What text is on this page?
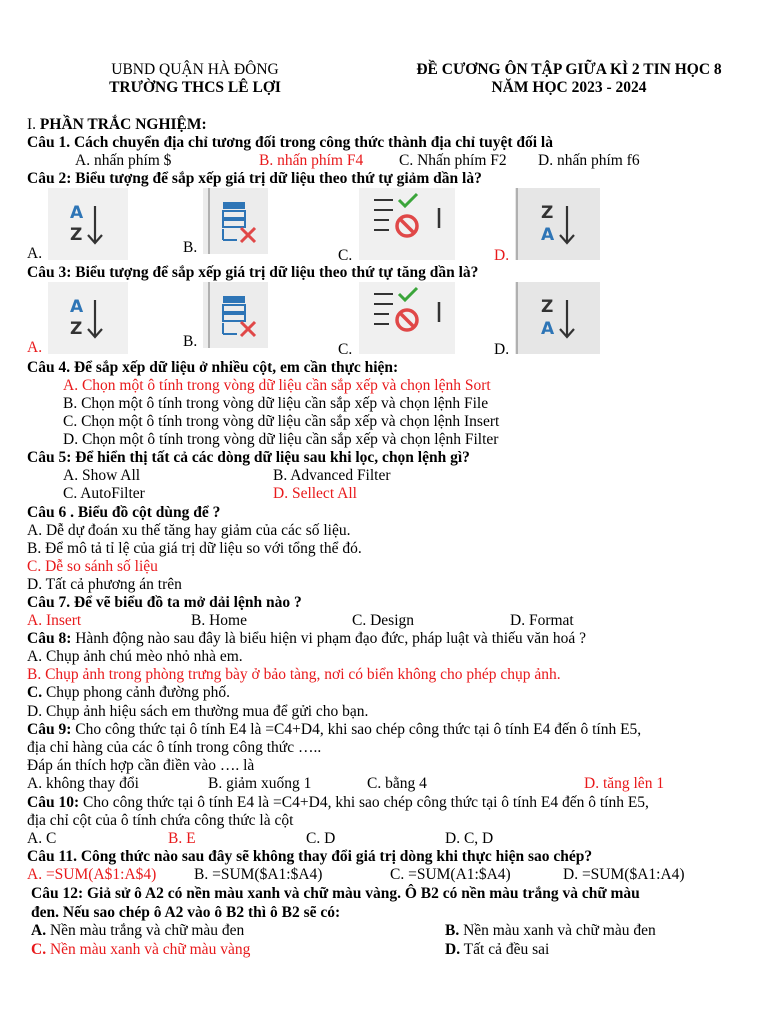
UBND QUẬN HÀ ĐÔNG
TRƯỜNG THCS LÊ LỢI
ĐỀ CƯƠNG ÔN TẬP GIỮA KÌ 2 TIN HỌC 8
NĂM HỌC 2023 - 2024
I. PHẦN TRẮC NGHIỆM:
Câu 1. Cách chuyển địa chỉ tương đối trong công thức thành địa chỉ tuyệt đối là
A. nhấn phím $	B. nhấn phím F4 C. Nhấn phím F2 D. nhấn phím f6
Câu 2: Biểu tượng để sắp xếp giá trị dữ liệu theo thứ tự giảm dần là?
A.	B.	C.	D.
A
Z
Z
A
Câu 3: Biểu tượng để sắp xếp giá trị dữ liệu theo thứ tự tăng dần là?
A.	B.	C.	D.
A
Z
Z
A
Câu 4. Để sắp xếp dữ liệu ở nhiều cột, em cần thực hiện:
A. Chọn một ô tính trong vòng dữ liệu cần sắp xếp và chọn lệnh Sort
B. Chọn một ô tính trong vòng dữ liệu cần sắp xếp và chọn lệnh File
C. Chọn một ô tính trong vòng dữ liệu cần sắp xếp và chọn lệnh Insert
D. Chọn một ô tính trong vòng dữ liệu cần sắp xếp và chọn lệnh Filter
Câu 5: Để hiển thị tất cả các dòng dữ liệu sau khi lọc, chọn lệnh gì?
A. Show All	B. Advanced Filter
C. AutoFilter	D. Sellect All
Câu 6 . Biểu đồ cột dùng để ?
A. Dễ dự đoán xu thế tăng hay giảm của các số liệu.
B. Để mô tả tỉ lệ của giá trị dữ liệu so với tổng thể đó.
C. Dễ so sánh số liệu
D. Tất cả phương án trên
Câu 7. Để vẽ biểu đồ ta mở dải lệnh nào ?
A. Insert	B. Home	C. Design	D. Format
Câu 8: Hành động nào sau đây là biểu hiện vi phạm đạo đức, pháp luật và thiếu văn hoá ?
A. Chụp ảnh chú mèo nhỏ nhà em.
B. Chụp ảnh trong phòng trưng bày ở bảo tàng, nơi có biển không cho phép chụp ảnh.
C. Chụp phong cảnh đường phố.
D. Chụp ảnh hiệu sách em thường mua để gửi cho bạn.
Câu 9: Cho công thức tại ô tính E4 là =C4+D4, khi sao chép công thức tại ô tính E4 đến ô tính E5,
địa chỉ hàng của các ô tính trong công thức …..
Đáp án thích hợp cần điền vào …. là
A. không thay đổi	B. giảm xuống 1	C. bằng 4	D. tăng lên 1
Câu 10: Cho công thức tại ô tính E4 là =C4+D4, khi sao chép công thức tại ô tính E4 đến ô tính E5,
địa chỉ cột của ô tính chứa công thức là cột
A. C	B. E	C. D	D. C, D
Câu 11. Công thức nào sau đây sẽ không thay đổi giá trị dòng khi thực hiện sao chép?
A. =SUM(A$1:A$4) B. =SUM($A1:$A4)	C. =SUM(A1:$A4)	D. =SUM($A1:A4)
Câu 12: Giả sử ô A2 có nền màu xanh và chữ màu vàng. Ô B2 có nền màu trắng và chữ màu
đen. Nếu sao chép ô A2 vào ô B2 thì ô B2 sẽ có:
A. Nền màu trắng và chữ màu đen	B. Nền màu xanh và chữ màu đen
C. Nền màu xanh và chữ màu vàng	D. Tất cả đều sai
